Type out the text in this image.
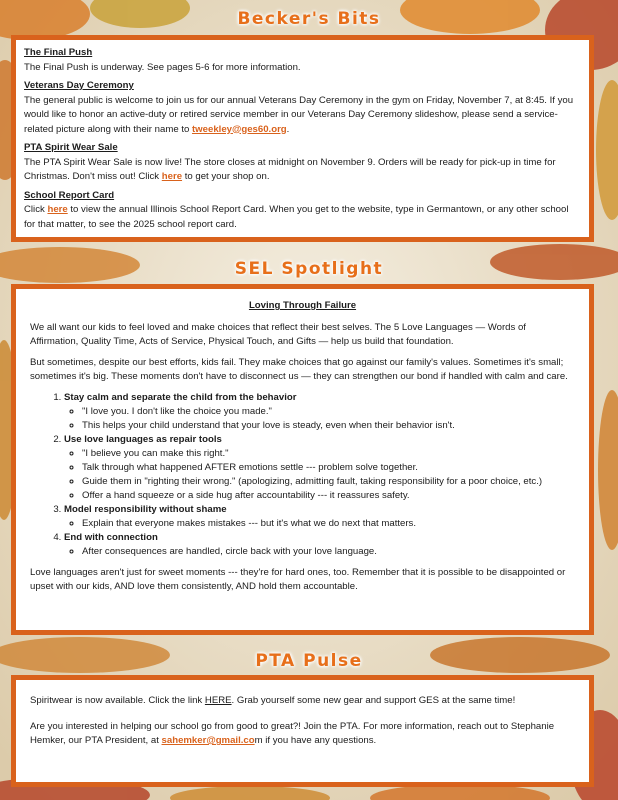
Becker's Bits
The Final Push

The Final Push is underway. See pages 5-6 for more information.

Veterans Day Ceremony

The general public is welcome to join us for our annual Veterans Day Ceremony in the gym on Friday, November 7, at 8:45. If you would like to honor an active-duty or retired service member in our Veterans Day Ceremony slideshow, please send a service-related picture along with their name to tweekley@ges60.org.

PTA Spirit Wear Sale

The PTA Spirit Wear Sale is now live! The store closes at midnight on November 9. Orders will be ready for pick-up in time for Christmas. Don't miss out! Click here to get your shop on.

School Report Card

Click here to view the annual Illinois School Report Card. When you get to the website, type in Germantown, or any other school for that matter, to see the 2025 school report card.

SEL Spotlight
Loving Through Failure

We all want our kids to feel loved and make choices that reflect their best selves. The 5 Love Languages — Words of Affirmation, Quality Time, Acts of Service, Physical Touch, and Gifts — help us build that foundation.

But sometimes, despite our best efforts, kids fail. They make choices that go against our family's values. Sometimes it's small; sometimes it's big. These moments don't have to disconnect us — they can strengthen our bond if handled with calm and care.

1. Stay calm and separate the child from the behavior
◦ "I love you. I don't like the choice you made."
◦ This helps your child understand that your love is steady, even when their behavior isn't.
2. Use love languages as repair tools
◦ "I believe you can make this right."
◦ Talk through what happened AFTER emotions settle --- problem solve together.
◦ Guide them in "righting their wrong." (apologizing, admitting fault, taking responsibility for a poor choice, etc.)
◦ Offer a hand squeeze or a side hug after accountability --- it reassures safety.
3. Model responsibility without shame
◦ Explain that everyone makes mistakes --- but it's what we do next that matters.
4. End with connection
◦ After consequences are handled, circle back with your love language.

Love languages aren't just for sweet moments --- they're for hard ones, too. Remember that it is possible to be disappointed or upset with our kids, AND love them consistently, AND hold them accountable.

PTA Pulse

Spiritwear is now available. Click the link HERE. Grab yourself some new gear and support GES at the same time!

Are you interested in helping our school go from good to great?! Join the PTA. For more information, reach out to Stephanie Hemker, our PTA President, at sahemker@gmail.com if you have any questions.
